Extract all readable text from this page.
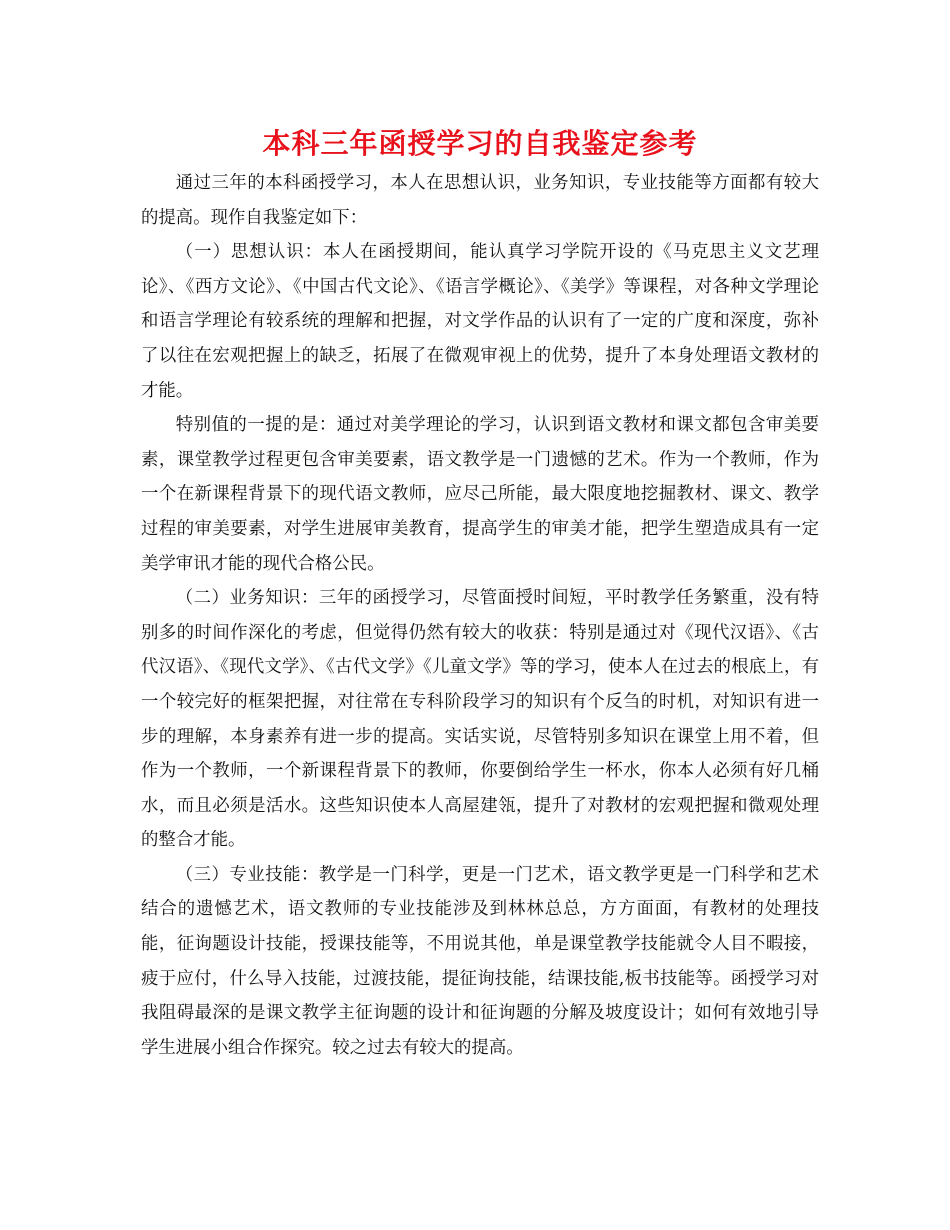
本科三年函授学习的自我鉴定参考

通过三年的本科函授学习，本人在思想认识，业务知识，专业技能等方面都有较大的提高。现作自我鉴定如下：

（一）思想认识：本人在函授期间，能认真学习学院开设的《马克思主义文艺理论》、《西方文论》、《中国古代文论》、《语言学概论》、《美学》等课程，对各种文学理论和语言学理论有较系统的理解和把握，对文学作品的认识有了一定的广度和深度，弥补了以往在宏观把握上的缺乏，拓展了在微观审视上的优势，提升了本身处理语文教材的才能。

特别值的一提的是：通过对美学理论的学习，认识到语文教材和课文都包含审美要素，课堂教学过程更包含审美要素，语文教学是一门遗憾的艺术。作为一个教师，作为一个在新课程背景下的现代语文教师，应尽己所能，最大限度地挖掘教材、课文、教学过程的审美要素，对学生进展审美教育，提高学生的审美才能，把学生塑造成具有一定美学审讯才能的现代合格公民。

（二）业务知识：三年的函授学习，尽管面授时间短，平时教学任务繁重，没有特别多的时间作深化的考虑，但觉得仍然有较大的收获：特别是通过对《现代汉语》、《古代汉语》、《现代文学》、《古代文学》《儿童文学》等的学习，使本人在过去的根底上，有一个较完好的框架把握，对往常在专科阶段学习的知识有个反刍的时机，对知识有进一步的理解，本身素养有进一步的提高。实话实说，尽管特别多知识在课堂上用不着，但作为一个教师，一个新课程背景下的教师，你要倒给学生一杯水，你本人必须有好几桶水，而且必须是活水。这些知识使本人高屋建瓴，提升了对教材的宏观把握和微观处理的整合才能。

（三）专业技能：教学是一门科学，更是一门艺术，语文教学更是一门科学和艺术结合的遗憾艺术，语文教师的专业技能涉及到林林总总，方方面面，有教材的处理技能，征询题设计技能，授课技能等，不用说其他，单是课堂教学技能就令人目不暇接，疲于应付，什么导入技能，过渡技能，提征询技能，结课技能,板书技能等。函授学习对我阻碍最深的是课文教学主征询题的设计和征询题的分解及坡度设计；如何有效地引导学生进展小组合作探究。较之过去有较大的提高。
